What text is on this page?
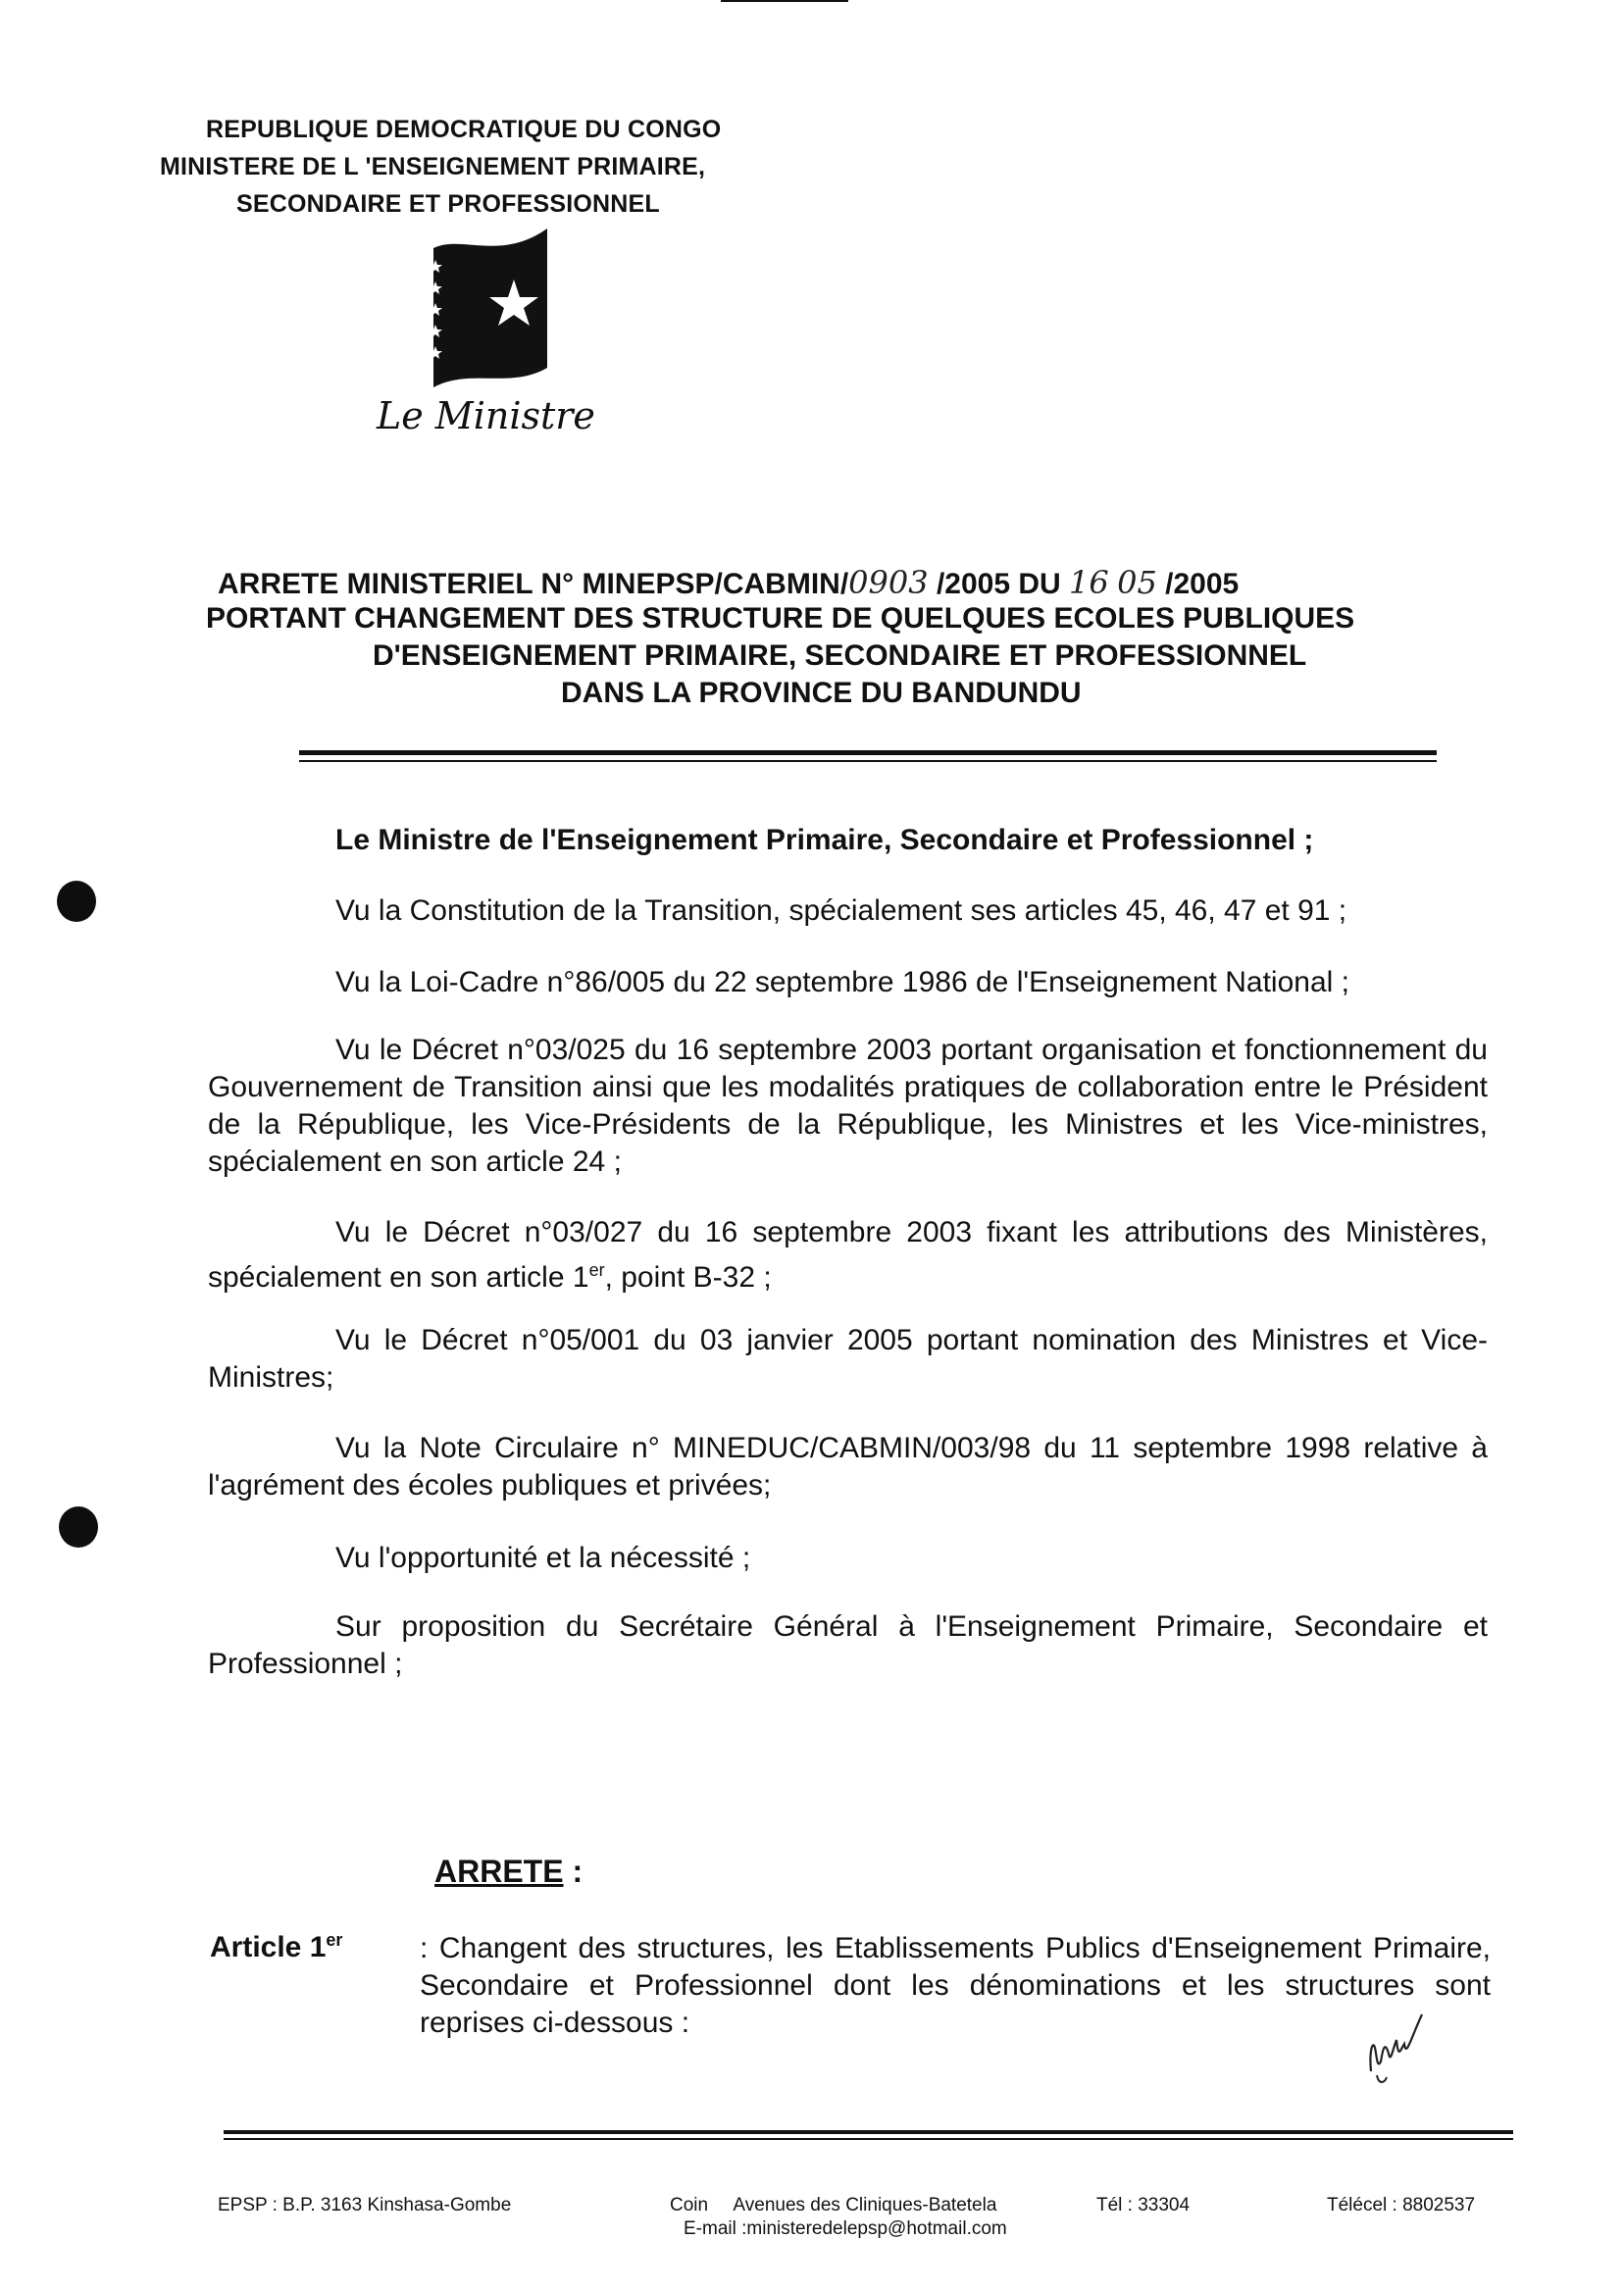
REPUBLIQUE DEMOCRATIQUE DU CONGO
MINISTERE DE L 'ENSEIGNEMENT PRIMAIRE,
SECONDAIRE ET PROFESSIONNEL
Le Ministre
ARRETE MINISTERIEL N° MINEPSP/CABMIN/0903 /2005 DU 16 05 /2005
PORTANT CHANGEMENT DES STRUCTURE DE QUELQUES ECOLES PUBLIQUES
D'ENSEIGNEMENT PRIMAIRE, SECONDAIRE ET PROFESSIONNEL
DANS LA PROVINCE DU BANDUNDU
Le Ministre de l'Enseignement Primaire, Secondaire et Professionnel ;
Vu la Constitution de la Transition, spécialement ses articles 45, 46, 47 et 91 ;
Vu la Loi-Cadre n°86/005 du 22 septembre 1986 de l'Enseignement National ;
Vu le Décret n°03/025 du 16 septembre 2003 portant organisation et fonctionnement du Gouvernement de Transition ainsi que les modalités pratiques de collaboration entre le Président de la République, les Vice-Présidents de la République, les Ministres et les Vice-ministres, spécialement en son article 24 ;
Vu le Décret n°03/027 du 16 septembre 2003 fixant les attributions des Ministères, spécialement en son article 1er, point B-32 ;
Vu le Décret n°05/001 du 03 janvier 2005 portant nomination des Ministres et Vice-Ministres;
Vu la Note Circulaire n° MINEDUC/CABMIN/003/98 du 11 septembre 1998 relative à l'agrément des écoles publiques et privées;
Vu l'opportunité et la nécessité ;
Sur proposition du Secrétaire Général à l'Enseignement Primaire, Secondaire et Professionnel ;
ARRETE :
Article 1er	: Changent des structures, les Etablissements Publics d'Enseignement Primaire, Secondaire et Professionnel dont les dénominations et les structures sont reprises ci-dessous :
EPSP : B.P. 3163 Kinshasa-Gombe	Coin     Avenues des Cliniques-Batetela
E-mail :ministeredelepsp@hotmail.com
Tél : 33304	Télécel : 8802537
